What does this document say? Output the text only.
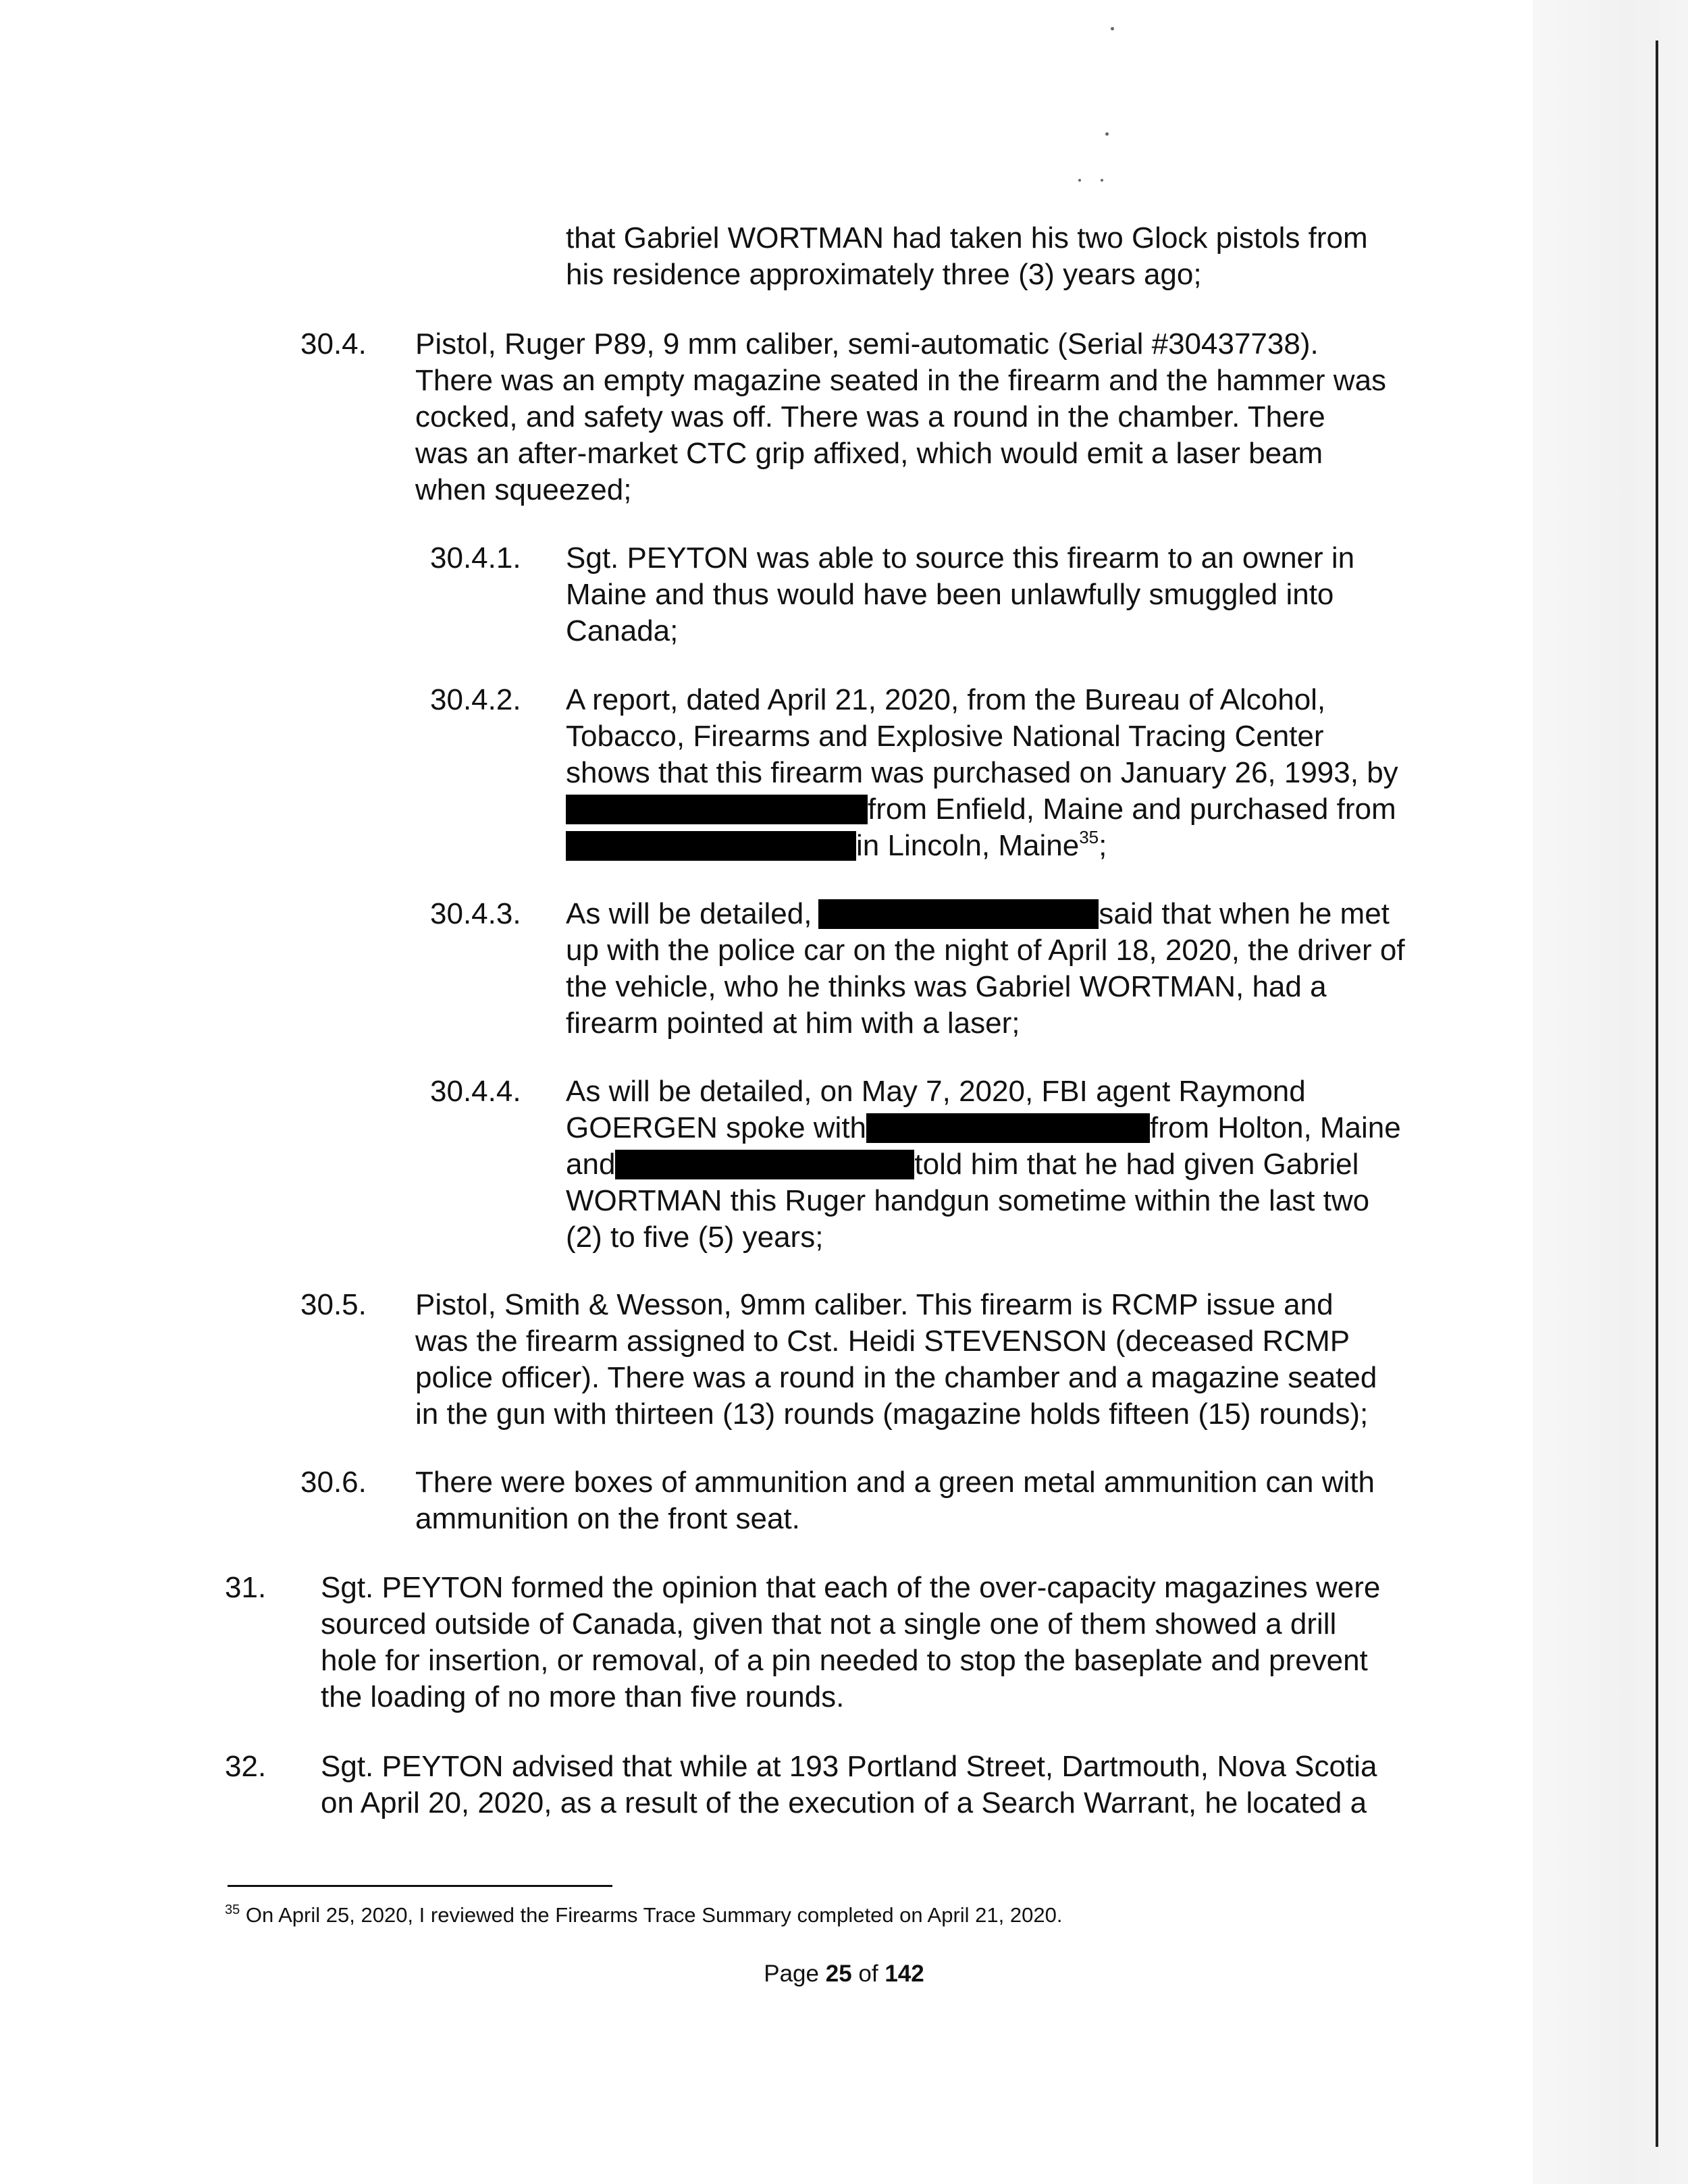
that Gabriel WORTMAN had taken his two Glock pistols from
his residence approximately three (3) years ago;
30.4. Pistol, Ruger P89, 9 mm caliber, semi-automatic (Serial #30437738).
There was an empty magazine seated in the firearm and the hammer was
cocked, and safety was off. There was a round in the chamber. There
was an after-market CTC grip affixed, which would emit a laser beam
when squeezed;
30.4.1. Sgt. PEYTON was able to source this firearm to an owner in
Maine and thus would have been unlawfully smuggled into
Canada;
30.4.2. A report, dated April 21, 2020, from the Bureau of Alcohol,
Tobacco, Firearms and Explosive National Tracing Center
shows that this firearm was purchased on January 26, 1993, by
from Enfield, Maine and purchased from
in Lincoln, Maine$^{35}$;
30.4.3. As will be detailed,	said that when he met
up with the police car on the night of April 18, 2020, the driver of
the vehicle, who he thinks was Gabriel WORTMAN, had a
firearm pointed at him with a laser;
30.4.4. As will be detailed, on May 7, 2020, FBI agent Raymond
GOERGEN spoke with	from Holton, Maine
and	told him that he had given Gabriel
WORTMAN this Ruger handgun sometime within the last two
(2) to five (5) years;
30.5. Pistol, Smith & Wesson, 9mm caliber. This firearm is RCMP issue and
was the firearm assigned to Cst. Heidi STEVENSON (deceased RCMP
police officer). There was a round in the chamber and a magazine seated
in the gun with thirteen (13) rounds (magazine holds fifteen (15) rounds);
30.6. There were boxes of ammunition and a green metal ammunition can with
ammunition on the front seat.
31. Sgt. PEYTON formed the opinion that each of the over-capacity magazines were
sourced outside of Canada, given that not a single one of them showed a drill
hole for insertion, or removal, of a pin needed to stop the baseplate and prevent
the loading of no more than five rounds.
32. Sgt. PEYTON advised that while at 193 Portland Street, Dartmouth, Nova Scotia
on April 20, 2020, as a result of the execution of a Search Warrant, he located a
$^{35}$ On April 25, 2020, I reviewed the Firearms Trace Summary completed on April 21, 2020.
Page 25 of 142
